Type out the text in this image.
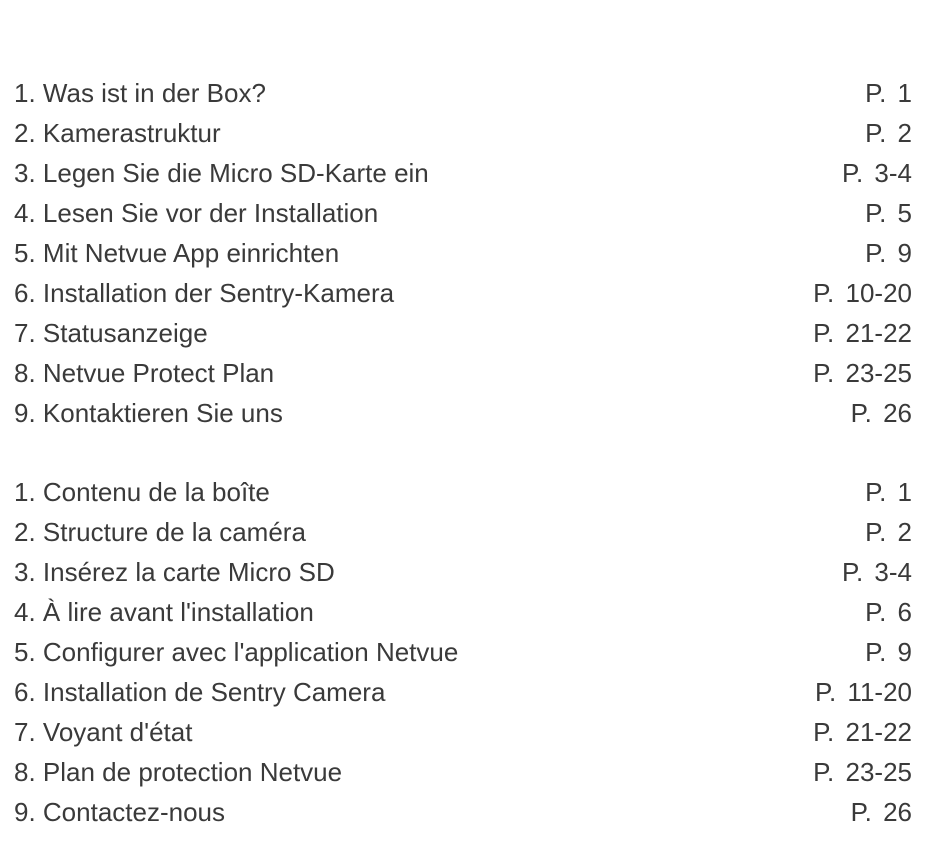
1. Was ist in der Box?	P. 1
2. Kamerastruktur	P. 2
3. Legen Sie die Micro SD-Karte ein	P. 3-4
4. Lesen Sie vor der Installation	P. 5
5. Mit Netvue App einrichten	P. 9
6. Installation der Sentry-Kamera	P. 10-20
7. Statusanzeige	P. 21-22
8. Netvue Protect Plan	P. 23-25
9. Kontaktieren Sie uns	P. 26
1. Contenu de la boîte	P. 1
2. Structure de la caméra	P. 2
3. Insérez la carte Micro SD	P. 3-4
4. À lire avant l'installation	P. 6
5. Configurer avec l'application Netvue	P. 9
6. Installation de Sentry Camera	P. 11-20
7. Voyant d'état	P. 21-22
8. Plan de protection Netvue	P. 23-25
9. Contactez-nous	P. 26
